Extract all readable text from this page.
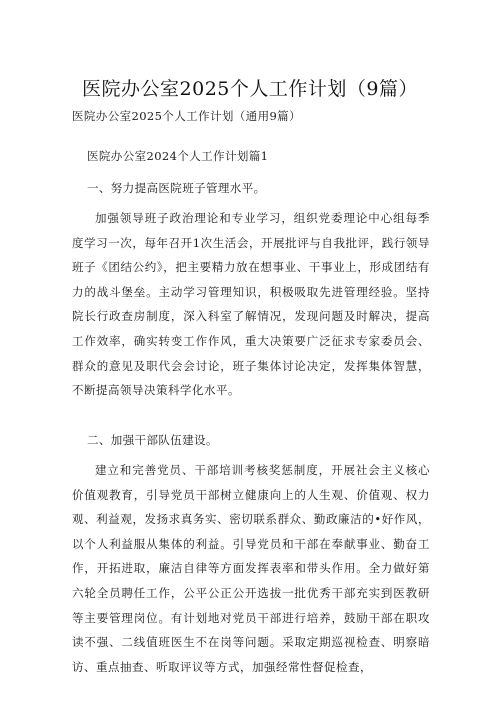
医院办公室2025个人工作计划（9篇）
医院办公室2025个人工作计划（通用9篇）
医院办公室2024个人工作计划篇1
一、努力提高医院班子管理水平。
加强领导班子政治理论和专业学习，组织党委理论中心组每季度学习一次，每年召开1次生活会，开展批评与自我批评，践行领导班子《团结公约》，把主要精力放在想事业、干事业上，形成团结有力的战斗堡垒。主动学习管理知识，积极吸取先进管理经验。坚持院长行政查房制度，深入科室了解情况，发现问题及时解决，提高工作效率，确实转变工作作风，重大决策要广泛征求专家委员会、群众的意见及职代会会讨论，班子集体讨论决定，发挥集体智慧，不断提高领导决策科学化水平。
二、加强干部队伍建设。
建立和完善党员、干部培训考核奖惩制度，开展社会主义核心价值观教育，引导党员干部树立健康向上的人生观、价值观、权力观、利益观，发扬求真务实、密切联系群众、勤政廉洁的•好作风，以个人利益服从集体的利益。引导党员和干部在奉献事业、勤奋工作，开拓进取，廉洁自律等方面发挥表率和带头作用。全力做好第六轮全员聘任工作，公平公正公开选拔一批优秀干部充实到医教研等主要管理岗位。有计划地对党员干部进行培养，鼓励干部在职攻读不强、二线值班医生不在岗等问题。采取定期巡视检查、明察暗访、重点抽查、听取评议等方式，加强经常性督促检查，
